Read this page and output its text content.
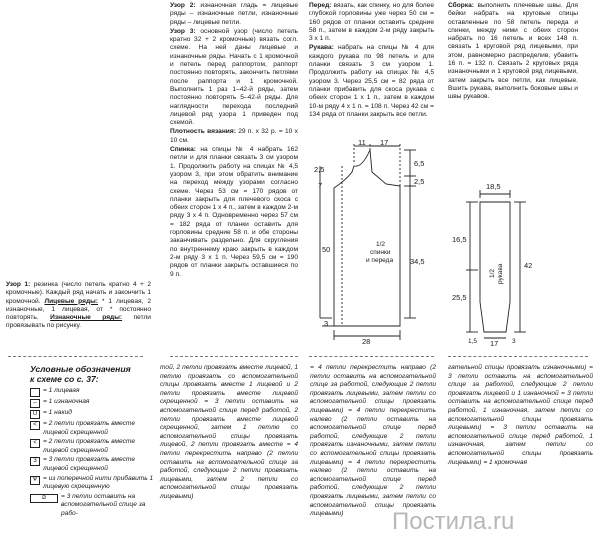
Узор 1: резинка (число петель кратно 4 + 2 кромочные). Каждый ряд начать и закончить 1 кромочной. Лицевые ряды: * 1 лицевая, 2 изнаночные, 1 лицевая, от * постоянно повторять. Изнаночные ряды: петли провязывать по рисунку.

Узор 2: изнаночная гладь = лицевые ряды – изнаночные петли, изнаночные ряды – лицевые петли.

Узор 3: основной узор (число петель кратно 32 + 2 кромочные) вязать согл. схеме. На ней даны лицевые и изнаночные ряды. Начать с 1 кромочной и петель перед раппортом, раппорт постоянно повторять, закончить петлями после раппорта и 1 кромочной. Выполнить 1 раз 1–42-й ряды, затем постоянно повторять 5–42-й ряды. Для наглядности перехода последний лицевой ряд узора 1 приведен под схемой.

Плотность вязания: 29 п. х 32 р. = 10 х 10 см.

Спинка: на спицы № 4 набрать 162 петли и для планки связать 3 см узором 1. Продолжить работу на спицах № 4,5 узором 3, при этом обратить внимание на переход между узорами согласно схеме. Через 53 см = 170 рядов от планки закрыть для плечевого скоса с обеих сторон 1 х 4 п., затем в каждом 2-м ряду 3 х 4 п. Одновременно через 57 см = 182 ряда от планки оставить для горловины средние 58 п. и обе стороны заканчивать раздельно. Для скругления по внутреннему краю закрыть в каждом 2-м ряду 3 х 1 п. Через 59,5 см = 190 рядов от планки закрыть оставшиеся по 9 п.

Перед: вязать, как спинку, но для более глубокой горловины уже через 50 см = 160 рядов от планки оставить средние 58 п., затем в каждом 2-м ряду закрыть 3 х 1 п.

Рукава: набрать на спицы № 4 для каждого рукава по 98 петель и для планки связать 3 см узором 1. Продолжить работу на спицах № 4,5 узором 3. Через 25,5 см = 82 ряда от планки прибавить для скоса рукава с обеих сторон 1 х 1 п., затем в каждом 10-м ряду 4 х 1 п. = 108 п. Через 42 см = 134 ряда от планки закрыть все петли.

Сборка: выполнить плечевые швы. Для бейки набрать на круговые спицы оставленные по 58 петель переда и спинки, между ними с обеих сторон набрать по 16 петель и всех 148 п. связать 1 круговой ряд лицевыми, при этом, равномерно распределив, убавить 16 п. = 132 п. Связать 2 круговых ряда изнаночными и 1 круговой ряд лицевыми, затем закрыть все петли, как лицевые. Вшить рукава, выполнить боковые швы и швы рукавов.

11 17
2,5
7
50
6,5
2,5
34,5
1/2
спинки
и переда
3
28
18,5
16,5
25,5
42
1/2 рукава
1,5 17 3
Условные обозначения
к схеме со с. 37:
= 1 лицевая
– = 1 изнаночная
U = 1 накид
< = 2 петли провязать вместе лицевой скрещенной
< = 2 петли провязать вместе лицевой скрещенной
3 = 3 петли провязать вместе лицевой скрещенной
ᗐ = из поперечной нити прибавить 1 лицевую скрещенную
⧄	= 3 петли оставить на вспомогательной спице за рабо-
той, 2 петли провязать вместе лицевой, 1 петлю провязать со вспомогательной спицы провязать вместе 1 лицевой и 2 петли провязать вместе лицевой скрещенной = 3 петли оставить на вспомогательной спице перед работой, 2 петли провязать вместе лицевой скрещенной, затем 1 петлю со вспомогательной спицы провязать лицевой, 2 петли провязать вместе = 4 петли перекрестить направо (2 петли оставить на вспомогательной спице за работой, следующие 2 петли провязать лицевыми, затем 2 петли со вспомогательной спицы провязать лицевыми)
= 4 петли перекрестить направо (2 петли оставить на вспомогательной спице за работой, следующие 2 петли провязать лицевыми, затем петли со вспомогательной спицы провязать лицевыми) = 4 петли перекрестить налево (2 петли оставить на вспомогательной спице перед работой, следующие 2 петли провязать изнаночными, затем петли со вспомогательной спицы провязать лицевыми) = 4 петли перекрестить налево (2 петли оставить на вспомогательной спице перед работой, следующие 2 петли провязать лицевыми, затем петли со вспомогательной спицы провязать лицевыми)
гательной спицы провязать изнаночными) = 3 петли оставить на вспомогательной спице за работой, следующие 2 петли провязать лицевой и 1 изнаночной = 3 петли оставить на вспомогательной спице перед работой, 1 изнаночная, затем петли со вспомогательной спицы провязать лицевыми) = 3 петли оставить на вспомогательной спице перед работой, 1 изнаночная, затем петли со вспомогательной спицы провязать лицевыми) = 1 кромочная
Постила.ru
